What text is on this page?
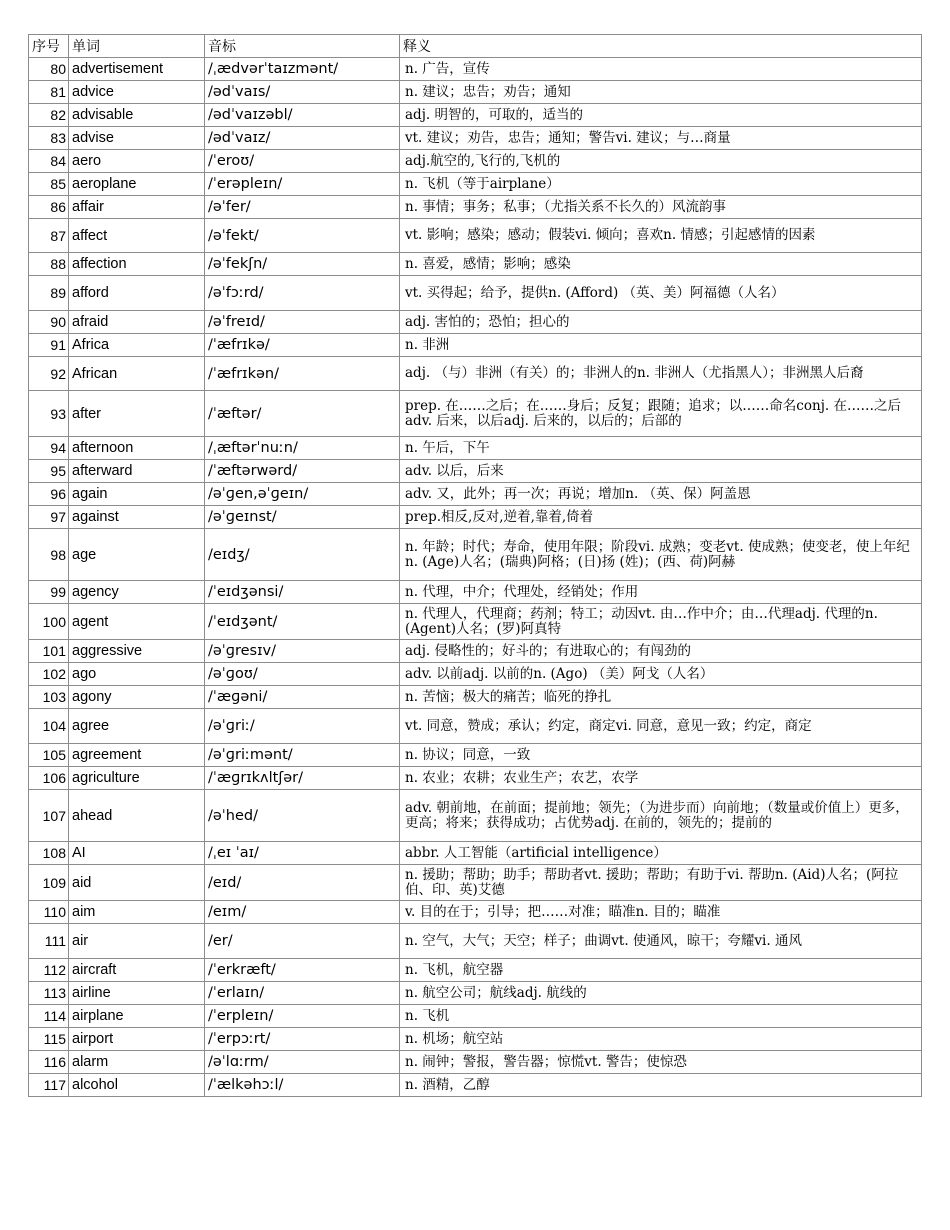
序号	单词	音标	释义
80	advertisement	/ˌædvərˈtaɪzmənt/	n. 广告，宣传
81	advice	/ədˈvaɪs/	n. 建议；忠告；劝告；通知
82	advisable	/ədˈvaɪzəbl/	adj. 明智的，可取的，适当的
83	advise	/ədˈvaɪz/	vt. 建议；劝告，忠告；通知；警告vi. 建议；与…商量
84	aero	/ˈeroʊ/	adj.航空的,飞行的,飞机的
85	aeroplane	/ˈerəpleɪn/	n. 飞机（等于airplane）
86	affair	/əˈfer/	n. 事情；事务；私事；（尤指关系不长久的）风流韵事
87	affect	/əˈfekt/	vt. 影响；感染；感动；假装vi. 倾向；喜欢n. 情感；引起感情的因素
88	affection	/əˈfekʃn/	n. 喜爱，感情；影响；感染
89	afford	/əˈfɔːrd/	vt. 买得起；给予，提供n. (Afford) （英、美）阿福德（人名）
90	afraid	/əˈfreɪd/	adj. 害怕的；恐怕；担心的
91	Africa	/ˈæfrɪkə/	n. 非洲
92	African	/ˈæfrɪkən/	adj. （与）非洲（有关）的；非洲人的n. 非洲人（尤指黑人）；非洲黑人后裔
93	after	/ˈæftər/	prep. 在……之后；在……身后；反复；跟随；追求；以……命名conj. 在……之后adv. 后来，以后adj. 后来的，以后的；后部的
94	afternoon	/ˌæftərˈnuːn/	n. 午后，下午
95	afterward	/ˈæftərwərd/	adv. 以后，后来
96	again	/əˈɡen,əˈɡeɪn/	adv. 又，此外；再一次；再说；增加n. （英、保）阿盖恩
97	against	/əˈɡeɪnst/	prep.相反,反对,逆着,靠着,倚着
98	age	/eɪdʒ/	n. 年龄；时代；寿命，使用年限；阶段vi. 成熟；变老vt. 使成熟；使变老，使上年纪n. (Age)人名；(瑞典)阿格；(日)扬 (姓)；(西、荷)阿赫
99	agency	/ˈeɪdʒənsi/	n. 代理，中介；代理处，经销处；作用
100	agent	/ˈeɪdʒənt/	n. 代理人，代理商；药剂；特工；动因vt. 由…作中介；由…代理adj. 代理的n. (Agent)人名；(罗)阿真特
101	aggressive	/əˈɡresɪv/	adj. 侵略性的；好斗的；有进取心的；有闯劲的
102	ago	/əˈɡoʊ/	adv. 以前adj. 以前的n. (Ago) （美）阿戈（人名）
103	agony	/ˈæɡəni/	n. 苦恼；极大的痛苦；临死的挣扎
104	agree	/əˈɡriː/	vt. 同意，赞成；承认；约定，商定vi. 同意，意见一致；约定，商定
105	agreement	/əˈɡriːmənt/	n. 协议；同意，一致
106	agriculture	/ˈæɡrɪkʌltʃər/	n. 农业；农耕；农业生产；农艺，农学
107	ahead	/əˈhed/	adv. 朝前地，在前面；提前地；领先；（为进步而）向前地；（数量或价值上）更多，更高；将来；获得成功；占优势adj. 在前的，领先的；提前的
108	AI	/ˌeɪ ˈaɪ/	abbr. 人工智能（artificial intelligence）
109	aid	/eɪd/	n. 援助；帮助；助手；帮助者vt. 援助；帮助；有助于vi. 帮助n. (Aid)人名；(阿拉伯、印、英)艾德
110	aim	/eɪm/	v. 目的在于；引导；把……对准；瞄准n. 目的；瞄准
111	air	/er/	n. 空气，大气；天空；样子；曲调vt. 使通风，晾干；夸耀vi. 通风
112	aircraft	/ˈerkræft/	n. 飞机，航空器
113	airline	/ˈerlaɪn/	n. 航空公司；航线adj. 航线的
114	airplane	/ˈerpleɪn/	n. 飞机
115	airport	/ˈerpɔːrt/	n. 机场；航空站
116	alarm	/əˈlɑːrm/	n. 闹钟；警报，警告器；惊慌vt. 警告；使惊恐
117	alcohol	/ˈælkəhɔːl/	n. 酒精，乙醇
